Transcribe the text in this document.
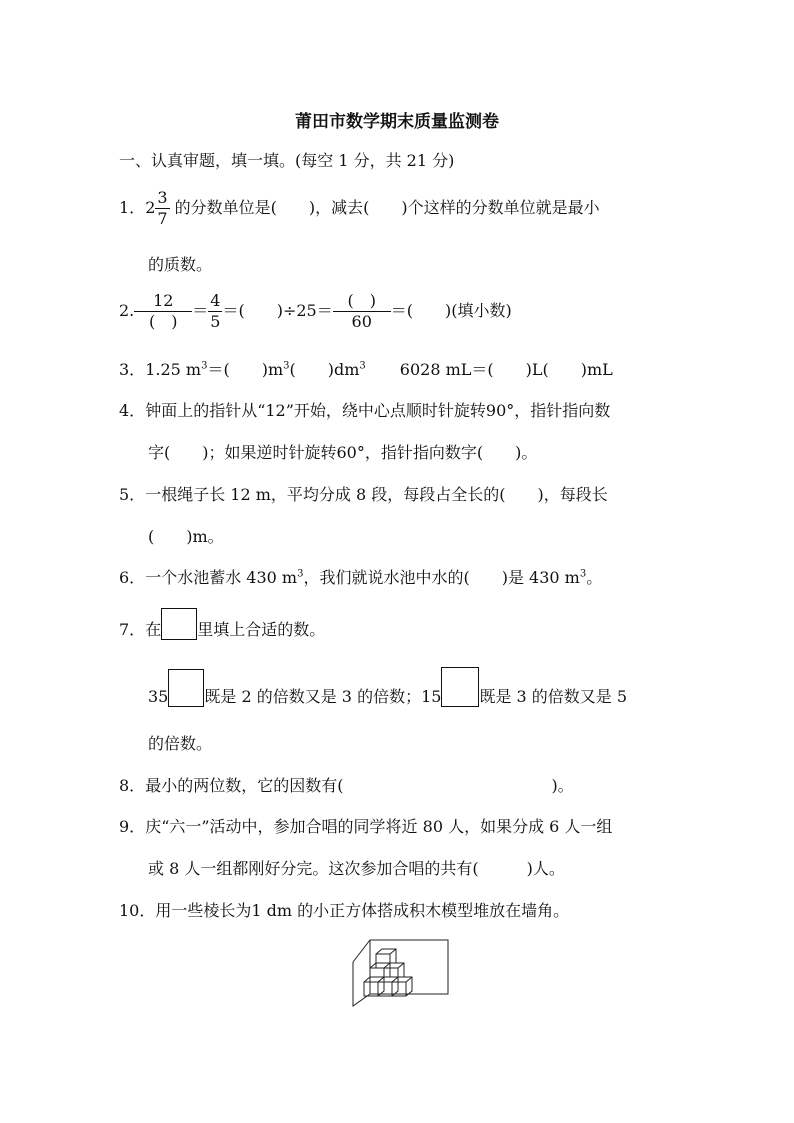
莆田市数学期末质量监测卷
一、认真审题，填一填。(每空 1 分，共 21 分)
1．$2 \frac{3}{7}$ 的分数单位是(　　)，减去(　　)个这样的分数单位就是最小
的质数。
2. $\frac{12}{( )} = \frac{4}{5}$ ＝(　　)$\div 25= \frac{( )}{60}$ ＝(　　)(填小数)
3．1.25 $m^3=$(　　)$m^3$(　　)$dm^3$ 6028 mL＝(　　)L(　　)mL
4．钟面上的指针从“12”开始，绕中心点顺时针旋转90°，指针指向数
字(　　)；如果逆时针旋转60°，指针指向数字(　　)。
5．一根绳子长 12 m，平均分成 8 段，每段占全长的(　　)，每段长
(　　)m。
6．一个水池蓄水 430 $m^3$，我们就说水池中水的(　　)是 430 $m^3$。
7．在 里填上合适的数。
35 既是 2 的倍数又是 3 的倍数；15 既是 3 的倍数又是 5
的倍数。
8．最小的两位数，它的因数有(	)。
9．庆“六一”活动中，参加合唱的同学将近 80 人，如果分成 6 人一组
或 8 人一组都刚好分完。这次参加合唱的共有(　　　)人。
10．用一些棱长为1 dm 的小正方体搭成积木模型堆放在墙角。
